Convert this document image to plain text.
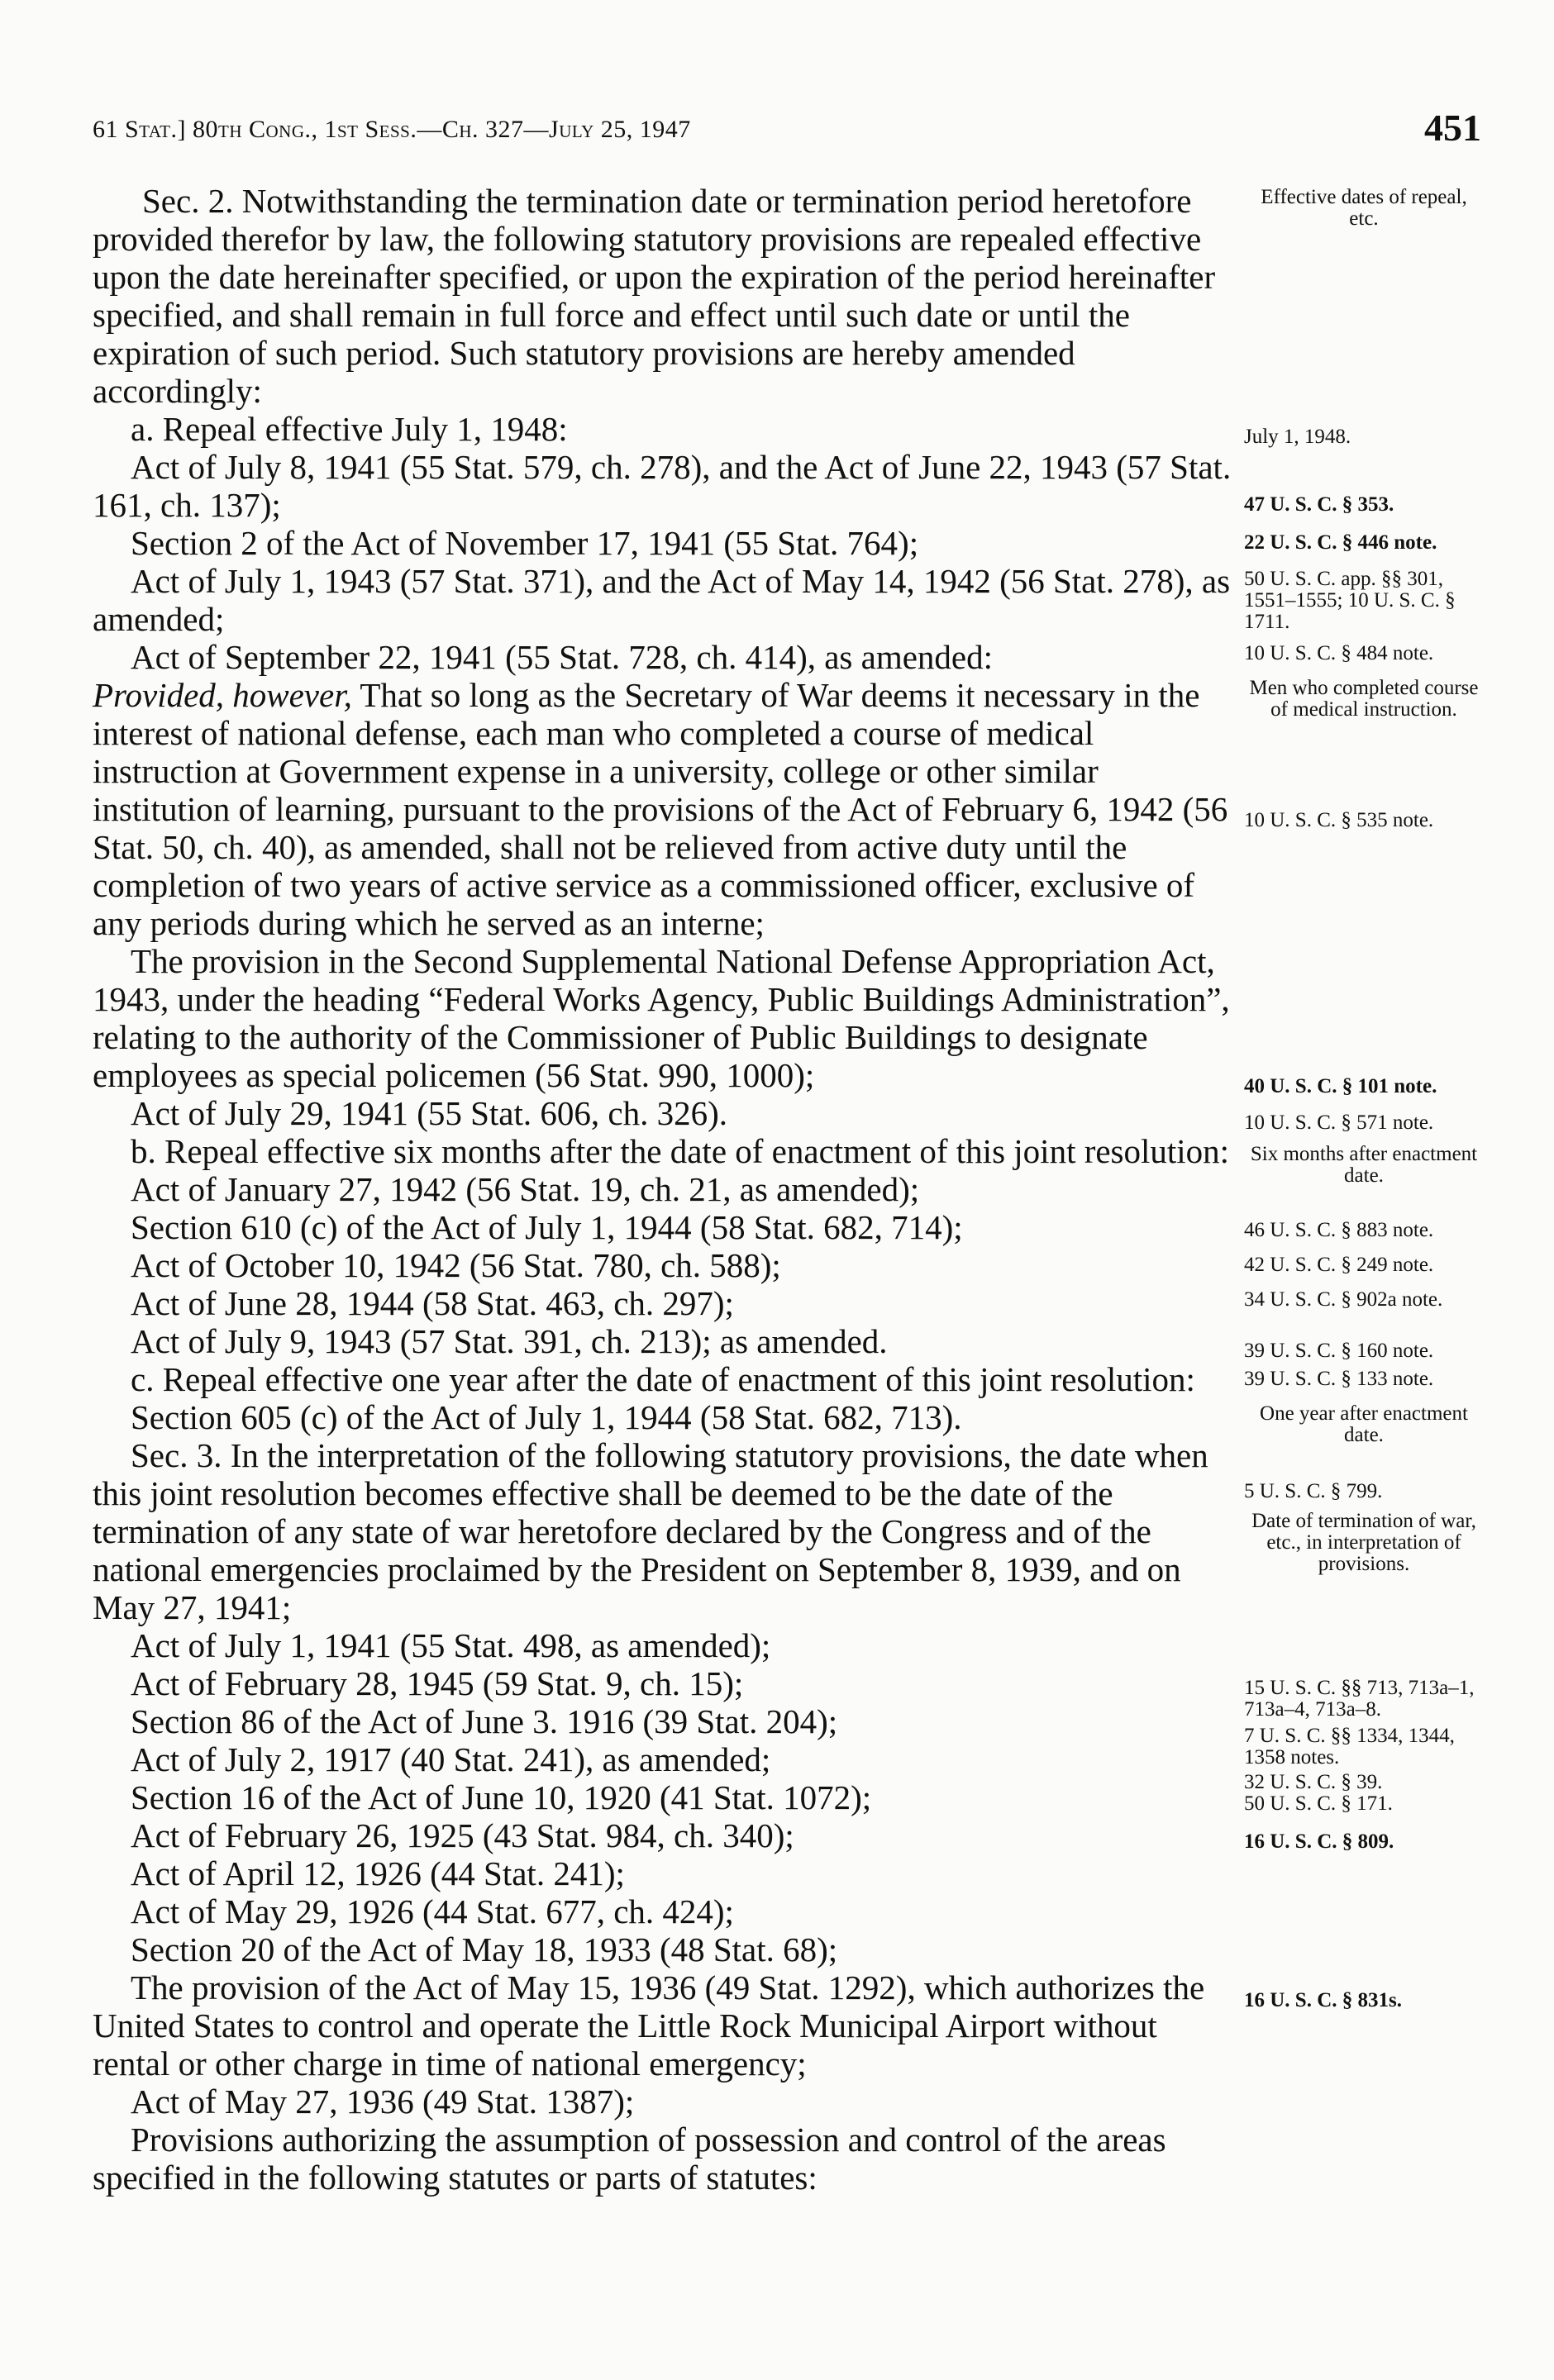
61 Stat.] 80th Cong., 1st Sess.—Ch. 327—July 25, 1947	451

Sec. 2. Notwithstanding the termination date or termination period heretofore provided therefor by law, the following statutory provisions are repealed effective upon the date hereinafter specified, or upon the expiration of the period hereinafter specified, and shall remain in full force and effect until such date or until the expiration of such period. Such statutory provisions are hereby amended accordingly:

a. Repeal effective July 1, 1948:

Act of July 8, 1941 (55 Stat. 579, ch. 278), and the Act of June 22, 1943 (57 Stat. 161, ch. 137);

Section 2 of the Act of November 17, 1941 (55 Stat. 764);

Act of July 1, 1943 (57 Stat. 371), and the Act of May 14, 1942 (56 Stat. 278), as amended;

Act of September 22, 1941 (55 Stat. 728, ch. 414), as amended:

Provided, however, That so long as the Secretary of War deems it necessary in the interest of national defense, each man who completed a course of medical instruction at Government expense in a university, college or other similar institution of learning, pursuant to the provisions of the Act of February 6, 1942 (56 Stat. 50, ch. 40), as amended, shall not be relieved from active duty until the completion of two years of active service as a commissioned officer, exclusive of any periods during which he served as an interne;

The provision in the Second Supplemental National Defense Appropriation Act, 1943, under the heading “Federal Works Agency, Public Buildings Administration”, relating to the authority of the Commissioner of Public Buildings to designate employees as special policemen (56 Stat. 990, 1000);

Act of July 29, 1941 (55 Stat. 606, ch. 326).

b. Repeal effective six months after the date of enactment of this joint resolution:

Act of January 27, 1942 (56 Stat. 19, ch. 21, as amended);

Section 610 (c) of the Act of July 1, 1944 (58 Stat. 682, 714);

Act of October 10, 1942 (56 Stat. 780, ch. 588);

Act of June 28, 1944 (58 Stat. 463, ch. 297);

Act of July 9, 1943 (57 Stat. 391, ch. 213); as amended.

c. Repeal effective one year after the date of enactment of this joint resolution:

Section 605 (c) of the Act of July 1, 1944 (58 Stat. 682, 713).

Sec. 3. In the interpretation of the following statutory provisions, the date when this joint resolution becomes effective shall be deemed to be the date of the termination of any state of war heretofore declared by the Congress and of the national emergencies proclaimed by the President on September 8, 1939, and on May 27, 1941;

Act of July 1, 1941 (55 Stat. 498, as amended);

Act of February 28, 1945 (59 Stat. 9, ch. 15);

Section 86 of the Act of June 3. 1916 (39 Stat. 204);

Act of July 2, 1917 (40 Stat. 241), as amended;

Section 16 of the Act of June 10, 1920 (41 Stat. 1072);

Act of February 26, 1925 (43 Stat. 984, ch. 340);

Act of April 12, 1926 (44 Stat. 241);

Act of May 29, 1926 (44 Stat. 677, ch. 424);

Section 20 of the Act of May 18, 1933 (48 Stat. 68);

The provision of the Act of May 15, 1936 (49 Stat. 1292), which authorizes the United States to control and operate the Little Rock Municipal Airport without rental or other charge in time of national emergency;

Act of May 27, 1936 (49 Stat. 1387);

Provisions authorizing the assumption of possession and control of the areas specified in the following statutes or parts of statutes:

Effective dates of repeal, etc.
July 1, 1948.
47 U. S. C. § 353.
22 U. S. C. § 446 note.
50 U. S. C. app. §§ 301, 1551–1555; 10 U. S. C. § 1711.
10 U. S. C. § 484 note.
Men who completed course of medical instruction.
10 U. S. C. § 535 note.
40 U. S. C. § 101 note.
10 U. S. C. § 571 note.
Six months after enactment date.
46 U. S. C. § 883 note.
42 U. S. C. § 249 note.
34 U. S. C. § 902a note.
39 U. S. C. § 160 note.
39 U. S. C. § 133 note.
One year after enactment date.
5 U. S. C. § 799.
Date of termination of war, etc., in interpretation of provisions.
15 U. S. C. §§ 713, 713a–1, 713a–4, 713a–8.
7 U. S. C. §§ 1334, 1344, 1358 notes.
32 U. S. C. § 39.
50 U. S. C. § 171.
16 U. S. C. § 809.
16 U. S. C. § 831s.
